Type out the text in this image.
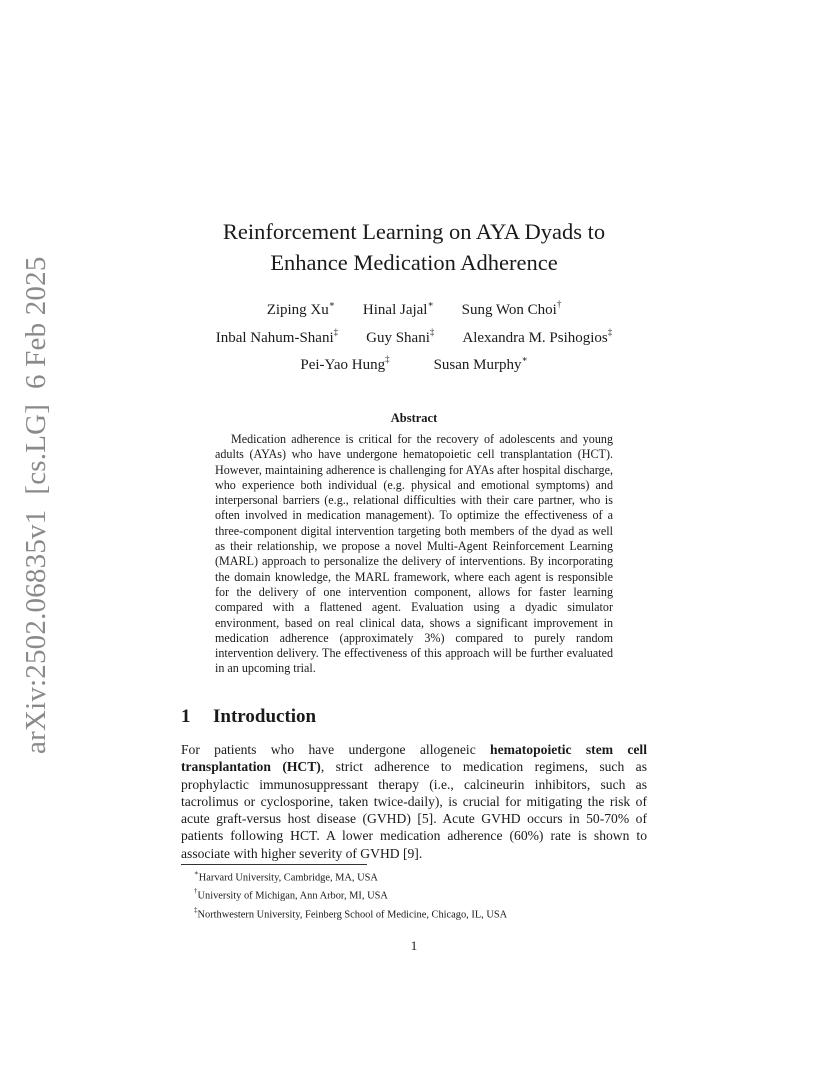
arXiv:2502.06835v1  [cs.LG]  6 Feb 2025
Reinforcement Learning on AYA Dyads to
Enhance Medication Adherence
Ziping Xu∗ Hinal Jajal∗ Sung Won Choi†
Inbal Nahum-Shani‡ Guy Shani‡ Alexandra M. Psihogios‡
Pei-Yao Hung‡	Susan Murphy∗
Abstract

Medication adherence is critical for the recovery of adolescents and young adults (AYAs) who have undergone hematopoietic cell transplantation (HCT). However, maintaining adherence is challenging for AYAs after hospital discharge, who experience both individual (e.g. physical and emotional symptoms) and interpersonal barriers (e.g., relational difficulties with their care partner, who is often involved in medication management). To optimize the effectiveness of a three-component digital intervention targeting both members of the dyad as well as their relationship, we propose a novel Multi-Agent Reinforcement Learning (MARL) approach to personalize the delivery of interventions. By incorporating the domain knowledge, the MARL framework, where each agent is responsible for the delivery of one intervention component, allows for faster learning compared with a flattened agent. Evaluation using a dyadic simulator environment, based on real clinical data, shows a significant improvement in medication adherence (approximately 3%) compared to purely random intervention delivery. The effectiveness of this approach will be further evaluated in an upcoming trial.

1 Introduction

For patients who have undergone allogeneic hematopoietic stem cell transplantation (HCT), strict adherence to medication regimens, such as prophylactic immunosuppressant therapy (i.e., calcineurin inhibitors, such as tacrolimus or cyclosporine, taken twice-daily), is crucial for mitigating the risk of acute graft-versus host disease (GVHD) [5]. Acute GVHD occurs in 50-70% of patients following HCT. A lower medication adherence (60%) rate is shown to associate with higher severity of GVHD [9].

∗Harvard University, Cambridge, MA, USA
†University of Michigan, Ann Arbor, MI, USA
‡Northwestern University, Feinberg School of Medicine, Chicago, IL, USA
1
